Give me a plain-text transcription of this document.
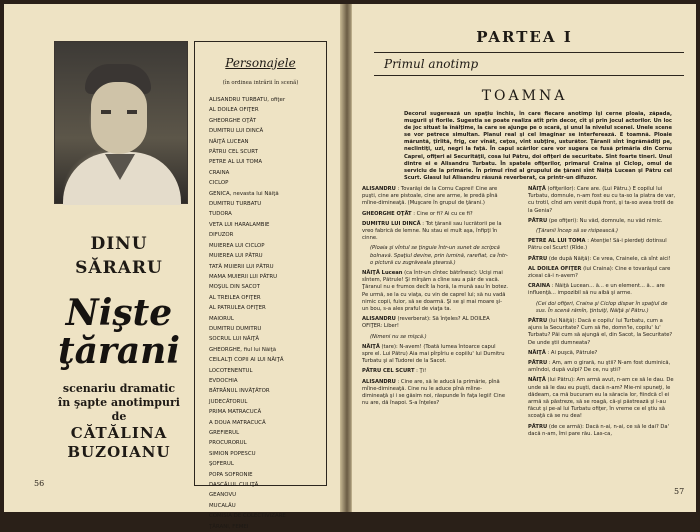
DINU
SĂRARU
Nişte
ţărani
scenariu dramatic
în şapte anotimpuri
de
CĂTĂLINA
BUZOIANU
Personajele
(în ordinea intrării în scenă)
ALISANDRU TURBATU, ofiţer
AL DOILEA OFIŢER
GHEORGHE OŢĂT
DUMITRU LUI DINCĂ
NĂIŢĂ LUCEAN
PĂTRU CEL SCURT
PETRE AL LUI TOMA
CRAINA
CICLOP
GENICA, nevasta lui Năiţă
DUMITRU TURBATU
TUDORA
VETA LUI HARALAMBIE
DIFUZOR
MUIEREA LUI CICLOP
MUIEREA LUI PĂTRU
TATĂ MUIERII LUI PĂTRU
MAMA MUIERII LUI PĂTRU
MOŞUL DIN SACOT
AL TREILEA OFIŢER
AL PATRULEA OFIŢER
MAIORUL
DUMITRU DUMITRU
SOCRUL LUI NĂIŢĂ
GHEORGHE, fiul lui Năiţă
CEILALŢI COPII AI LUI NĂIŢĂ
LOCOTENENTUL
EVDOCHIA
BĂTRÂNUL INVĂŢĂTOR
JUDECĂTORUL
PRIMA MATRACUCĂ
A DOUA MATRACUCĂ
GREFIERUL
PROCURORUL
SIMION POPESCU
ŞOFERUL
POPA SOFRONIE
DASCĂLUL CULIŢĂ
GEANOVU
MUCALĂU
COMISIA DE COLECTIVIZARE
ŢĂRANI, FEMEI
56
PARTEA I
Primul anotimp
TOAMNA
Decorul sugerează un spaţiu închis, în care fiecare anotimp îşi cerne ploaia, zăpada, mugurii şi florile. Sugestia se poate realiza atît prin decor, cît şi prin jocul actorilor. Un loc de joc situat la înălţime, la care se ajunge pe o scară, şi unul la nivelul scenei. Unele scene se vor petrece simultan. Planul real şi cel imaginar se interferează. E toamnă. Ploaie măruntă, ţîrîită, frig, cer vînăt, ceţos, vînt subţire, usturător. Ţăranii sînt îngrămădiţi pe, neclintiţi, uzi, negri la faţă. În capul scărilor care vor sugera ce fusă primăria din Cornu Caprei, ofiţeri ai Securităţii, cosa lui Pătru, doi ofiţeri de securitate. Sînt foarte tineri. Unul dintre ei e Alisandru Turbatu. În spatele ofiţerilor, primarul Craina şi Ciclop, omul de serviciu de la primărie. În primul rînd al grupului de ţărani sînt Năiţă Lucean şi Pătru cel Scurt. Glasul lui Alisandru răsună reverberat, ca printr-un difuzor.

ALISANDRU : Tovarăşi de la Cornu Caprei! Cine are puşti, cine are pistoale, cine are arme, le predă pînă mîine-dimineaţă. (Muşcare în grupul de ţărani.)

GHEORGHE OŢĂT : Cine or fi? Ai cu ce fi?

DUMITRU LUI DINCĂ : Tot ţăranii sau lucrătorii pe la vreo fabrică de lemne. Nu stau ei mult aşa, înfipţi în cinne.

(Ploaia şi vîntul se ţinguie într-un sunet de scripcă bolnavă. Spaţiul devine, prin lumină, rarefiat, ca într-o pictură cu zugrăveala ştearsă.)

NĂIŢĂ Lucean (ca într-un cîntec bătrînesc): Ucişi mai sîntem, Pătrule! Şi mîrşăm a cîine sau a păr de vacă. Ţăranul nu e frumos decît la horă, la mună sau în botez. Pe urmă, se la cu viaţa, cu vin de caprel lui; să nu vadă nimic copii, fuior, să se doarmă. Şi se şi mai moare şi-un bou, s-a ales praful de viaţa ta.

ALISANDRU (reverberat): Să înţeles? AL DOILEA OFIŢER: Liber!

(Nimeni nu se mişcă.)

NĂIŢĂ (tare): N-avem! (Toată lumea întoarce capul spre el. Lui Pătru) Aia mai pîrpîriu e copiilu' lui Dumitru Turbatu şi al Tudorei de la Sacot.

PĂTRU CEL SCURT : Ţi!

ALISANDRU : Cine are, să le aducă la primărie, pînă mîine-dimineaţă. Cine nu le aduce pînă mîine-dimineaţă şi i se găsim noi, răspunde în faţa legii! Cine nu are, dă înapoi. S-a înţeles?

NĂIŢĂ (ofiţerilor): Care are. (Lui Pătru.) E copilul lui Turbatu, domnule, n-am fost eu cu ta-so la piatra de var, cu trotil, cînd am venit după front, şi ta-so avea trotil de la Genia?

PĂTRU (pe ofiţeri): Nu văd, domnule, nu văd nimic.

(Ţăranii încep să se risipească.)

PETRE AL LUI TOMA : Atenţie! Să-i pierdeţi dotinsul Pătru cel Scurt! (Rîde.)

PĂTRU (de după Năiţă): Ce vrea, Crainele, că sînt aici!

AL DOILEA OFIŢER (lui Craina): Cine e tovarăşul care ziceai că-i n-avem?

CRAINA : Năiţă Lucean... ă... e un element... ă... are influenţă... impozibil să nu aibă şi arme.

(Cei doi ofiţeri, Craina şi Ciclop dispar în spaţiul de sus. În scenă rămîn, ţintuiţi, Năiţă şi Pătru.)

PĂTRU (lui Năiţă): Dacă e copilu' lui Turbatu, cum a ajuns la Securitate? Cum să fie, domn'le, copilu' lu' Turbatu? Păi cum să ajungă el, din Sacot, la Securitate? De unde ştii dumneata?

NĂIŢĂ : Ai puşcă, Pătrule?

PĂTRU : Am, am o girară, nu ştii? N-am fost duminică, amîndoi, după vulpi? De ce, nu ştii?

NĂIŢĂ (lui Pătru): Am armă avut, n-am ce să le dau. De unde să le dau eu puşti, dacă n-am? Mie-mi spuneţi, le dădeam, ca mă bucuram eu la săracia lor, fiindcă cî ei armă să păstreze, să se roagă, că-şi păstrează şi i-au făcut şi pe-al lui Turbatu ofiţer, în vreme ce el ştiu să scoaţă că se nu dea!

PĂTRU (de ce armă): Dacă n-ai, n-ai, ce să le dai? Da' dacă n-am, îmi pare rău. Las-ca,

57
